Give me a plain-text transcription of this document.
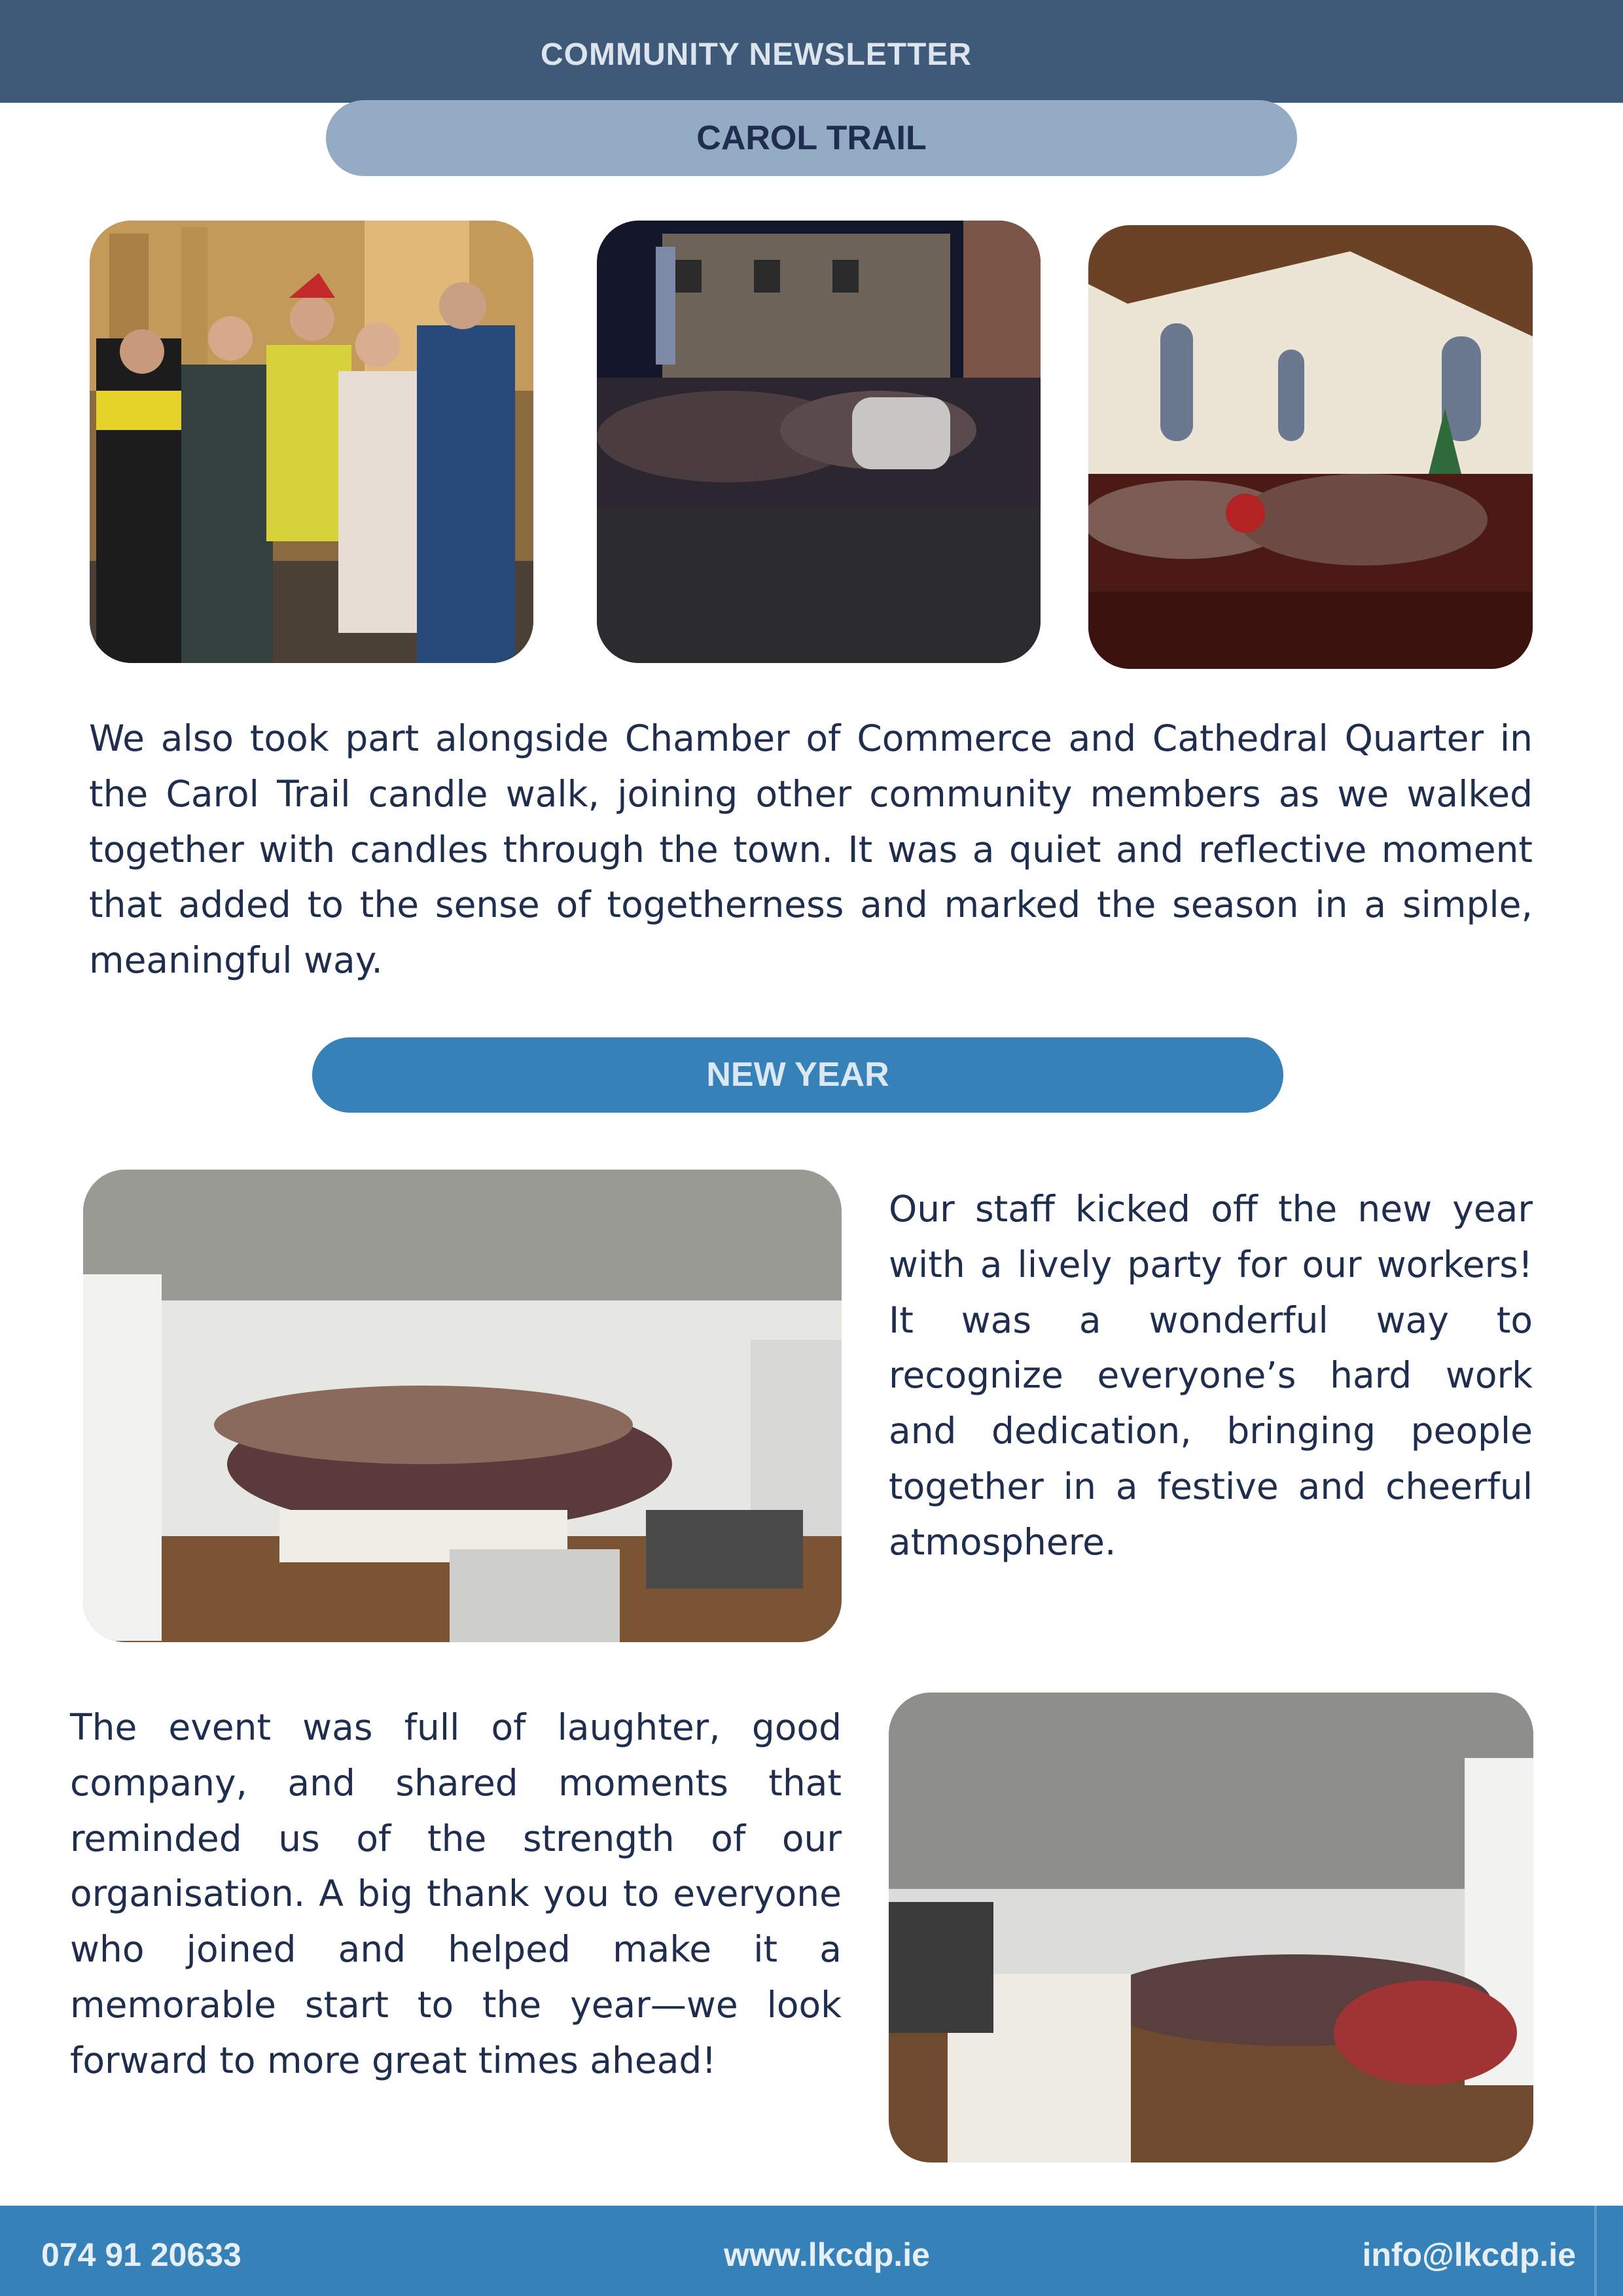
COMMUNITY NEWSLETTER
CAROL TRAIL

We also took part alongside Chamber of Commerce and Cathedral Quarter in the Carol Trail candle walk, joining other community members as we walked together with candles through the town. It was a quiet and reflective moment that added to the sense of togetherness and marked the season in a simple, meaningful way.

NEW YEAR

Our staff kicked off the new year with a lively party for our workers! It was a wonderful way to recognize everyone’s hard work and dedication, bringing people together in a festive and cheerful atmosphere.

The event was full of laughter, good company, and shared moments that reminded us of the strength of our organisation. A big thank you to everyone who joined and helped make it a memorable start to the year—we look forward to more great times ahead!

074 91 20633	www.lkcdp.ie	info@lkcdp.ie
